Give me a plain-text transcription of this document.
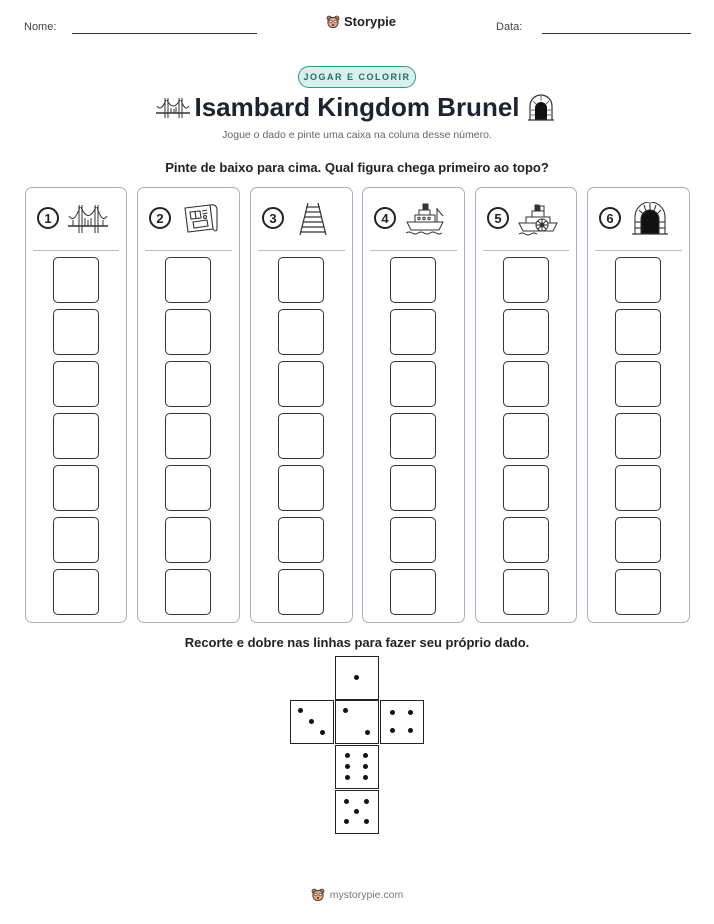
Nome:	Storypie	Data:
JOGAR E COLORIR
Isambard Kingdom Brunel
Jogue o dado e pinte uma caixa na coluna desse número.
Pinte de baixo para cima. Qual figura chega primeiro ao topo?
1	2	3	4	5	6
Recorte e dobre nas linhas para fazer seu próprio dado.
mystorypie.com
